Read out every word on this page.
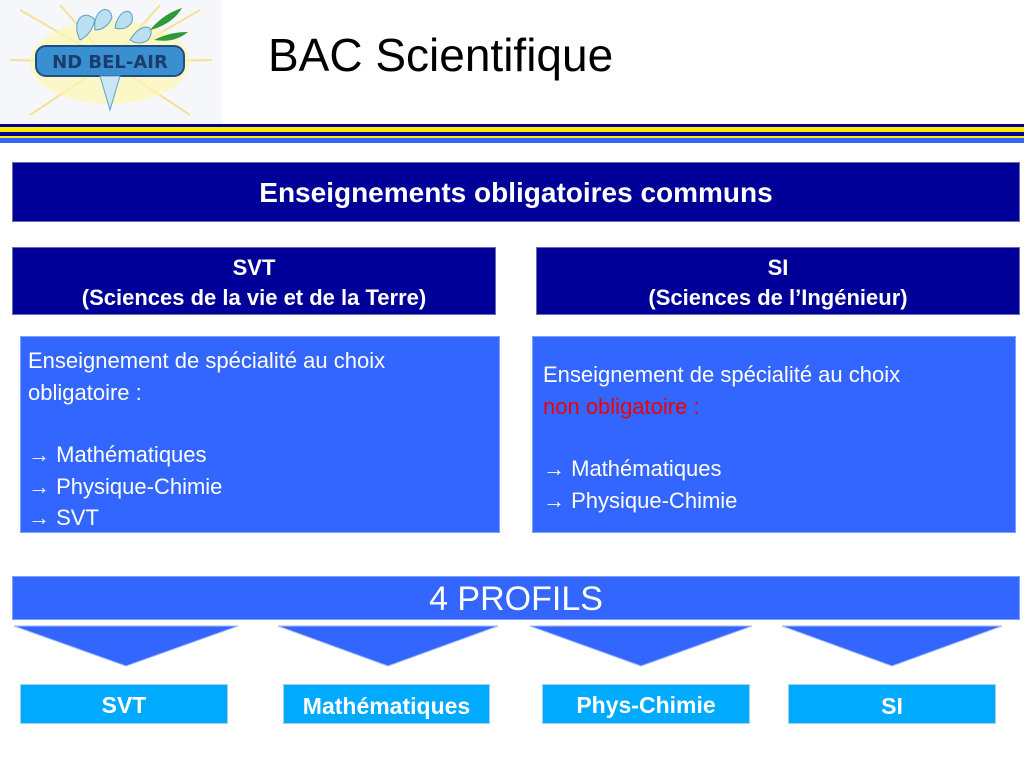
ND BEL-AIR BAC Scientifique
Enseignements obligatoires communs
SVT
(Sciences de la vie et de la Terre)
SI
(Sciences de l’Ingénieur)
Enseignement de spécialité au choix
obligatoire :
→ Mathématiques
→ Physique-Chimie
→ SVT
Enseignement de spécialité au choix
non obligatoire :
→ Mathématiques
→ Physique-Chimie
4 PROFILS
SVT	Mathématiques	Phys-Chimie	SI
